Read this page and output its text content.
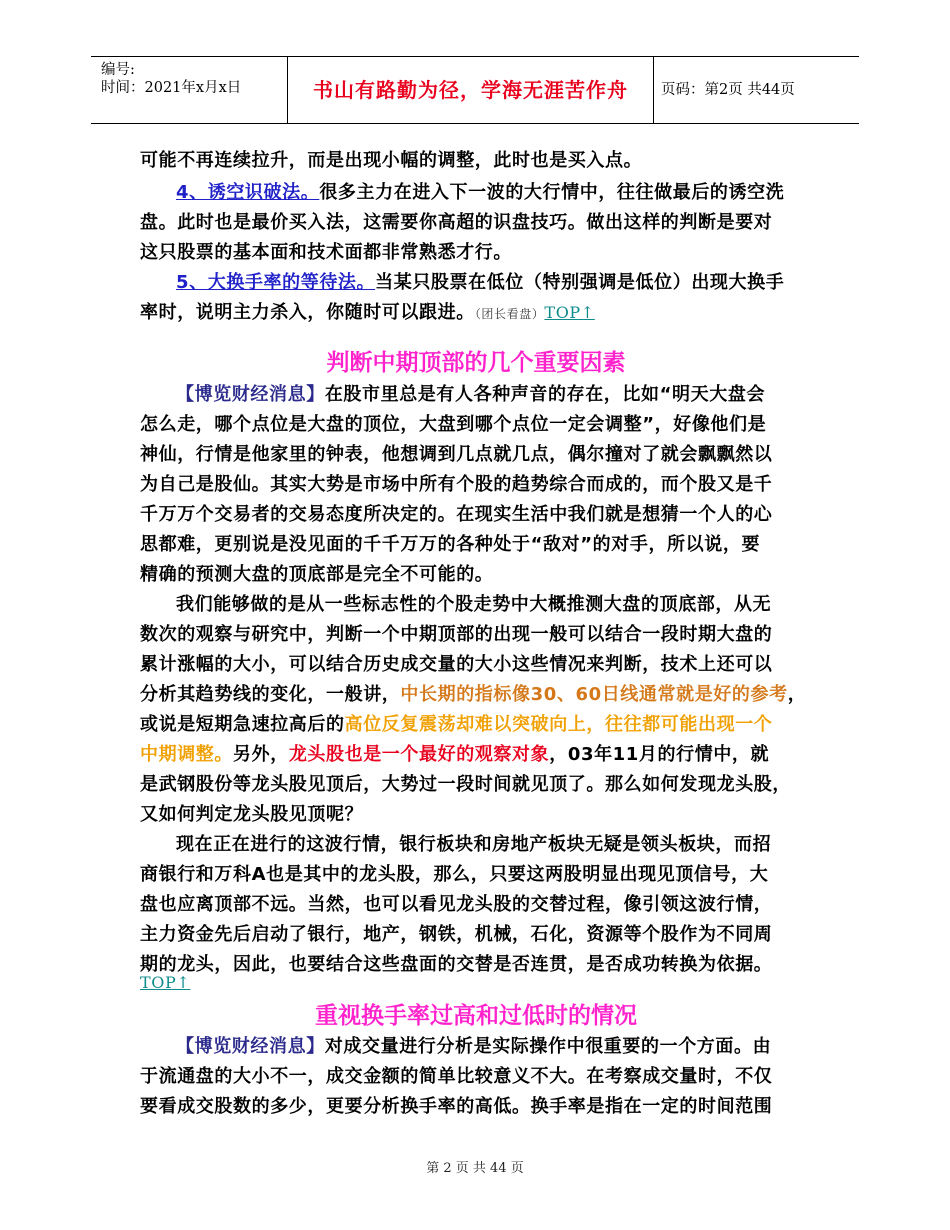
编号:
时间：2021年x月x日	书山有路勤为径，学海无涯苦作舟	页码：第2页 共44页
可能不再连续拉升，而是出现小幅的调整，此时也是买入点。
4、诱空识破法。很多主力在进入下一波的大行情中，往往做最后的诱空洗
盘。此时也是最价买入法，这需要你高超的识盘技巧。做出这样的判断是要对
这只股票的基本面和技术面都非常熟悉才行。
5、大换手率的等待法。当某只股票在低位（特别强调是低位）出现大换手
率时，说明主力杀入，你随时可以跟进。（团长看盘）TOP↑
判断中期顶部的几个重要因素
【博览财经消息】在股市里总是有人各种声音的存在，比如“明天大盘会
怎么走，哪个点位是大盘的顶位，大盘到哪个点位一定会调整”，好像他们是
神仙，行情是他家里的钟表，他想调到几点就几点，偶尔撞对了就会飘飘然以
为自己是股仙。其实大势是市场中所有个股的趋势综合而成的，而个股又是千
千万万个交易者的交易态度所决定的。在现实生活中我们就是想猜一个人的心
思都难，更别说是没见面的千千万万的各种处于“敌对”的对手，所以说，要
精确的预测大盘的顶底部是完全不可能的。
我们能够做的是从一些标志性的个股走势中大概推测大盘的顶底部，从无
数次的观察与研究中，判断一个中期顶部的出现一般可以结合一段时期大盘的
累计涨幅的大小，可以结合历史成交量的大小这些情况来判断，技术上还可以
分析其趋势线的变化，一般讲，中长期的指标像30、60日线通常就是好的参考，
或说是短期急速拉高后的高位反复震荡却难以突破向上，往往都可能出现一个
中期调整。另外，龙头股也是一个最好的观察对象，03年11月的行情中，就
是武钢股份等龙头股见顶后，大势过一段时间就见顶了。那么如何发现龙头股，
又如何判定龙头股见顶呢？
现在正在进行的这波行情，银行板块和房地产板块无疑是领头板块，而招
商银行和万科A也是其中的龙头股，那么，只要这两股明显出现见顶信号，大
盘也应离顶部不远。当然，也可以看见龙头股的交替过程，像引领这波行情，
主力资金先后启动了银行，地产，钢铁，机械，石化，资源等个股作为不同周
期的龙头，因此，也要结合这些盘面的交替是否连贯，是否成功转换为依据。
TOP↑
重视换手率过高和过低时的情况
【博览财经消息】对成交量进行分析是实际操作中很重要的一个方面。由
于流通盘的大小不一，成交金额的简单比较意义不大。在考察成交量时，不仅
要看成交股数的多少，更要分析换手率的高低。换手率是指在一定的时间范围
第 2 页 共 44 页
